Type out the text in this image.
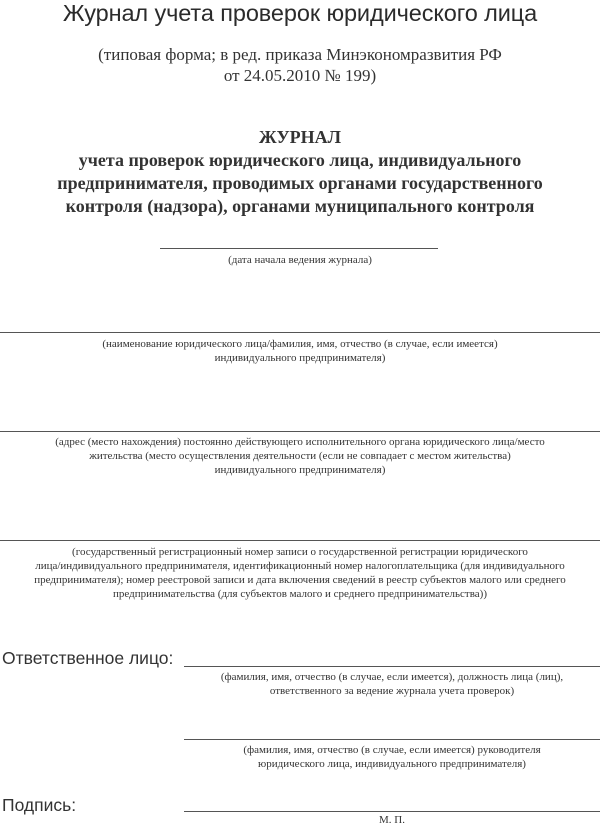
Журнал учета проверок юридического лица
(типовая форма; в ред. приказа Минэкономразвития РФ
от 24.05.2010 № 199)
ЖУРНАЛ
учета проверок юридического лица, индивидуального
предпринимателя, проводимых органами государственного
контроля (надзора), органами муниципального контроля
(дата начала ведения журнала)
(наименование юридического лица/фамилия, имя, отчество (в случае, если имеется)
индивидуального предпринимателя)
(адрес (место нахождения) постоянно действующего исполнительного органа юридического лица/место
жительства (место осуществления деятельности (если не совпадает с местом жительства)
индивидуального предпринимателя)
(государственный регистрационный номер записи о государственной регистрации юридического
лица/индивидуального предпринимателя, идентификационный номер налогоплательщика (для индивидуального
предпринимателя); номер реестровой записи и дата включения сведений в реестр субъектов малого или среднего
предпринимательства (для субъектов малого и среднего предпринимательства))
Ответственное лицо:
(фамилия, имя, отчество (в случае, если имеется), должность лица (лиц),
ответственного за ведение журнала учета проверок)
(фамилия, имя, отчество (в случае, если имеется) руководителя
юридического лица, индивидуального предпринимателя)
Подпись:
М. П.
